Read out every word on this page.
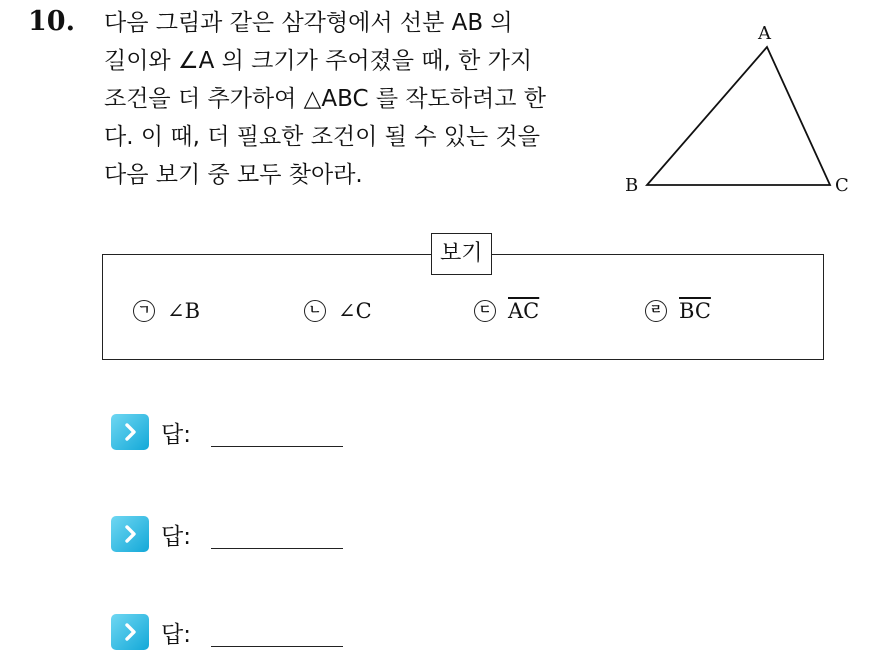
10. 다음 그림과 같은 삼각형에서 선분 AB 의
길이와 ∠A 의 크기가 주어졌을 때, 한 가지
조건을 더 추가하여 △ABC 를 작도하려고 한
다. 이 때, 더 필요한 조건이 될 수 있는 것을
다음 보기 중 모두 찾아라.

A
B	C
보기
ㄱ ∠B	ㄴ ∠C	ㄷ $\overline{AC}$	ㄹ $\overline{BC}$
답:
답:
답:
